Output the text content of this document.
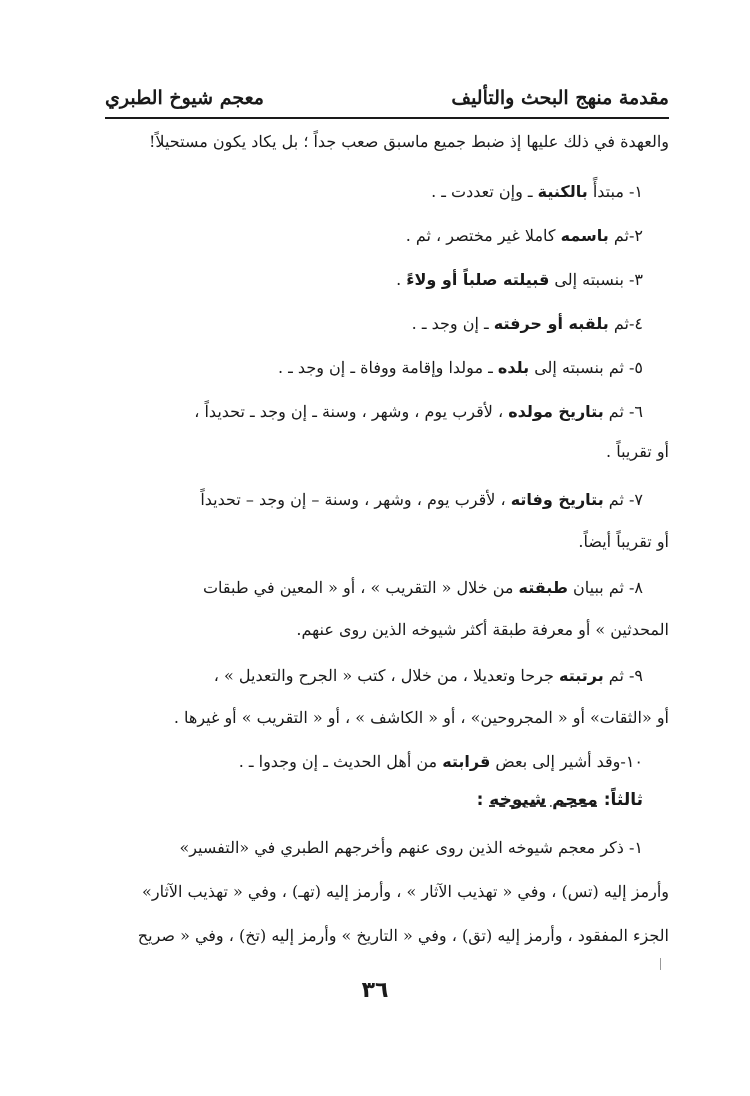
مقدمة منهج البحث والتأليف
معجم شيوخ الطبري

والعهدة في ذلك عليها إذ ضبط جميع ماسبق صعب جداً ؛ بل يكاد يكون مستحيلاً!

١- مبتدأً بالكنية ـ وإن تعددت ـ .

٢-ثم باسمه كاملا غير مختصر ، ثم .

٣- بنسبته إلى قبيلته صلباً أو ولاءً .

٤-ثم بلقبه أو حرفته ـ إن وجد ـ .

٥- ثم بنسبته إلى بلده ـ مولدا وإقامة ووفاة ـ إن وجد ـ .

٦- ثم بتاريخ مولده ، لأقرب يوم ، وشهر ، وسنة ـ إن وجد ـ تحديداً ،

أو تقريباً .

٧- ثم بتاريخ وفاته ، لأقرب يوم ، وشهر ، وسنة – إن وجد – تحديداً

أو تقريباً أيضاً.

٨- ثم ببيان طبقته من خلال « التقريب » ، أو « المعين في طبقات

المحدثين » أو معرفة طبقة أكثر شيوخه الذين روى عنهم.

٩- ثم برتبته جرحا وتعديلا ، من خلال ، كتب « الجرح والتعديل » ،

أو «الثقات» أو « المجروحين» ، أو « الكاشف » ، أو « التقريب » أو غيرها .

١٠-وقد أشير إلى بعض قرابته من أهل الحديث ـ إن وجدوا ـ .

ثالثاً: معجم شيوخه :

١- ذكر معجم شيوخه الذين روى عنهم وأخرجهم الطبري في «التفسير»

وأرمز إليه (تس) ، وفي « تهذيب الآثار » ، وأرمز إليه (تهـ) ، وفي « تهذيب الآثار»

الجزء المفقود ، وأرمز إليه (تق) ، وفي « التاريخ » وأرمز إليه (تخ) ، وفي « صريح

٣٦
